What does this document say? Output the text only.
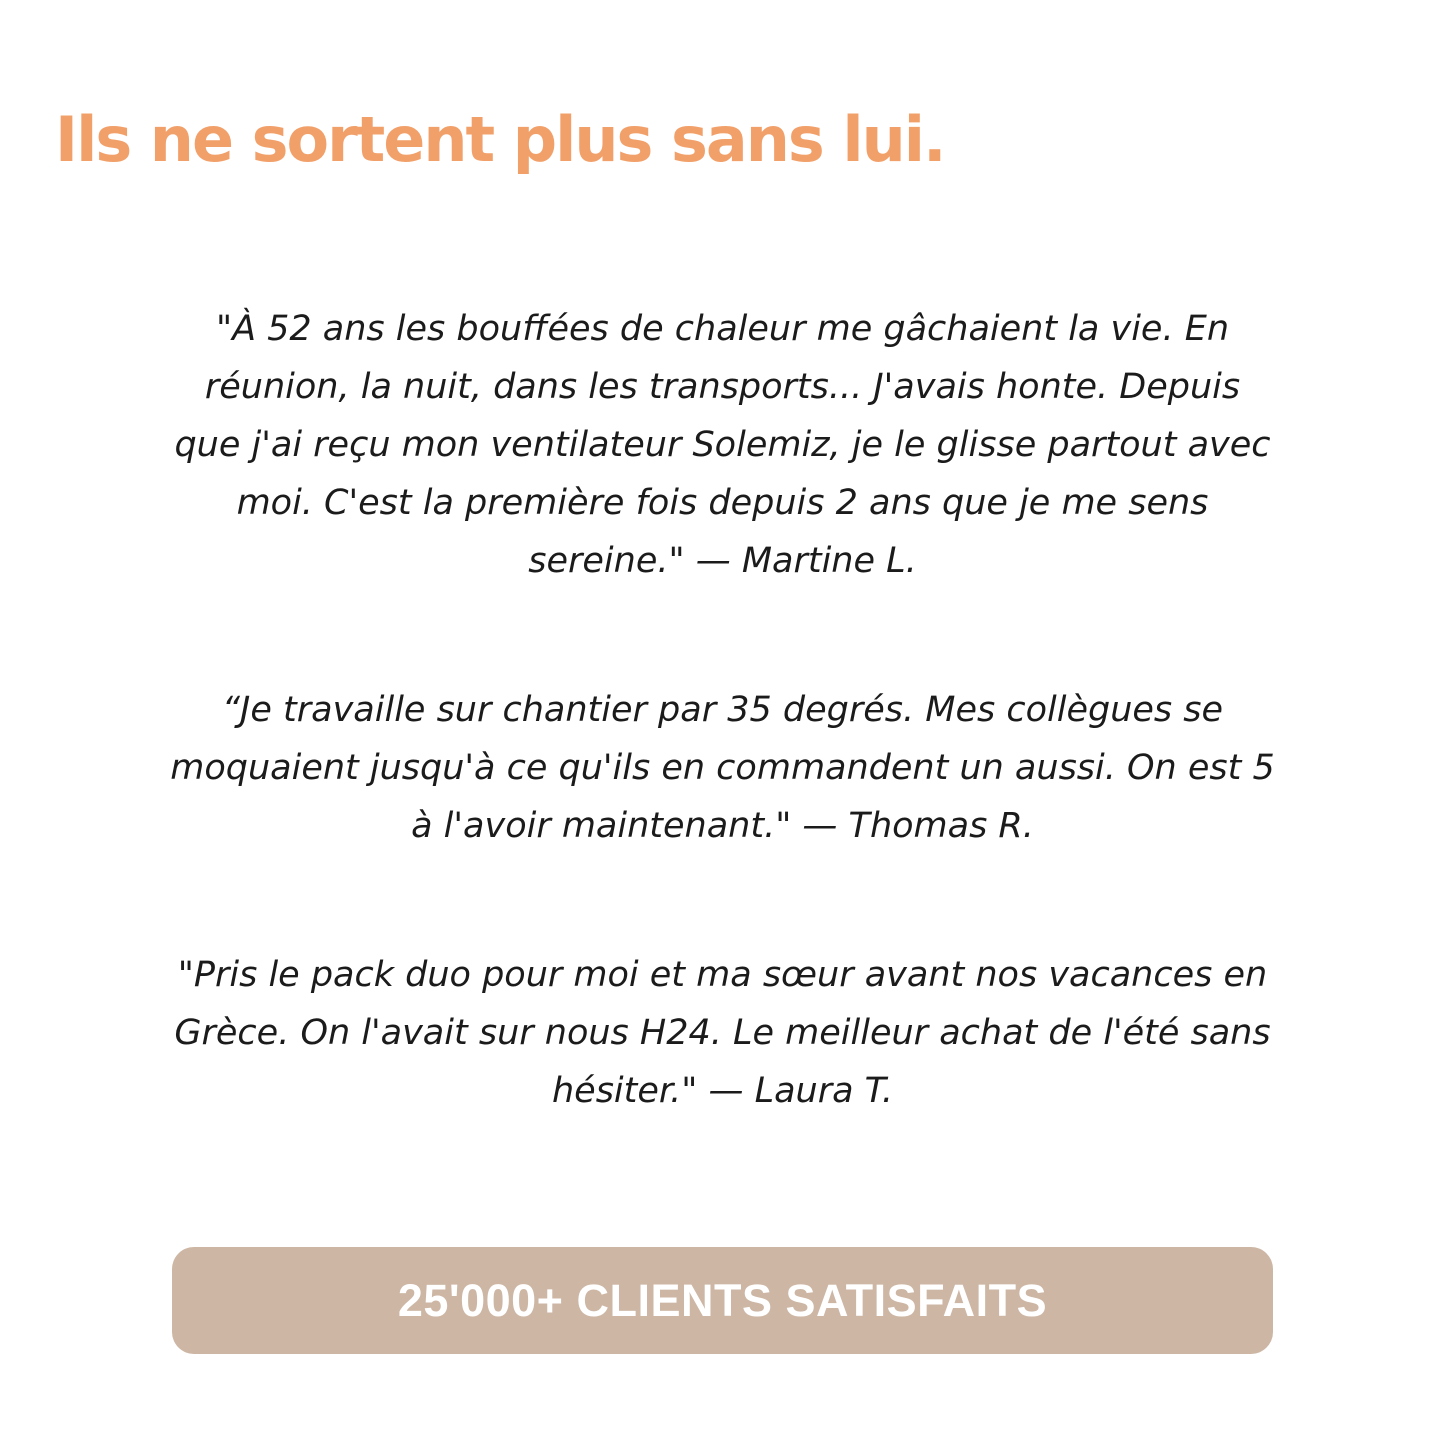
Ils ne sortent plus sans lui.

"À 52 ans les bouffées de chaleur me gâchaient la vie. En
réunion, la nuit, dans les transports... J'avais honte. Depuis
que j'ai reçu mon ventilateur Solemiz, je le glisse partout avec
moi. C'est la première fois depuis 2 ans que je me sens
sereine." — Martine L.

“Je travaille sur chantier par 35 degrés. Mes collègues se
moquaient jusqu'à ce qu'ils en commandent un aussi. On est 5
à l'avoir maintenant." — Thomas R.

"Pris le pack duo pour moi et ma sœur avant nos vacances en
Grèce. On l'avait sur nous H24. Le meilleur achat de l'été sans
hésiter." — Laura T.

25'000+ CLIENTS SATISFAITS
